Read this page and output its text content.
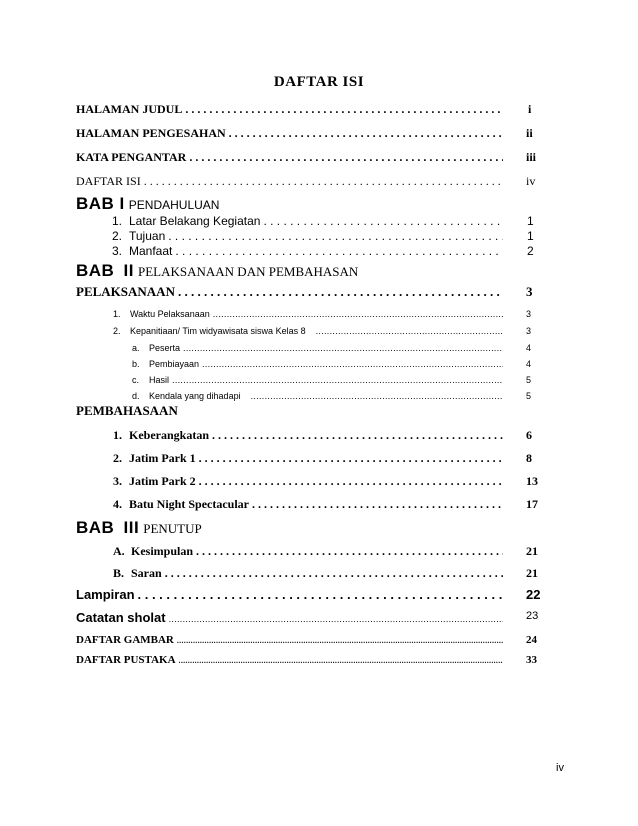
DAFTAR ISI
HALAMAN JUDUL . . .	i
HALAMAN PENGESAHAN . . .	ii
KATA PENGANTAR . . .	iii
DAFTAR ISI . . .	iv
BAB I PENDAHULUAN
1. Latar Belakang Kegiatan . . .	1
2. Tujuan . . .	1
3. Manfaat . . .	2
BAB II PELAKSANAAN DAN PEMBAHASAN
PELAKSANAAN . . .	3
1.	Waktu Pelaksanaan .....	3
2.	Kepanitiaan/ Tim widyawisata siswa Kelas 8 .....	3
a.	Peserta .....	4
b.	Pembiayaan .....	4
c.	Hasil .....	5
d.	Kendala yang dihadapi .....	5
PEMBAHASAAN
1. Keberangkatan . . .	6
2. Jatim Park 1 . . .	8
3. Jatim Park 2 . . .	13
4. Batu Night Spectacular . . .	17
BAB III PENUTUP
A. Kesimpulan . . .	21
B. Saran . . .	21
Lampiran . . .	22
Catatan sholat .....	23
DAFTAR GAMBAR .....	24
DAFTAR PUSTAKA .....	33
iv
